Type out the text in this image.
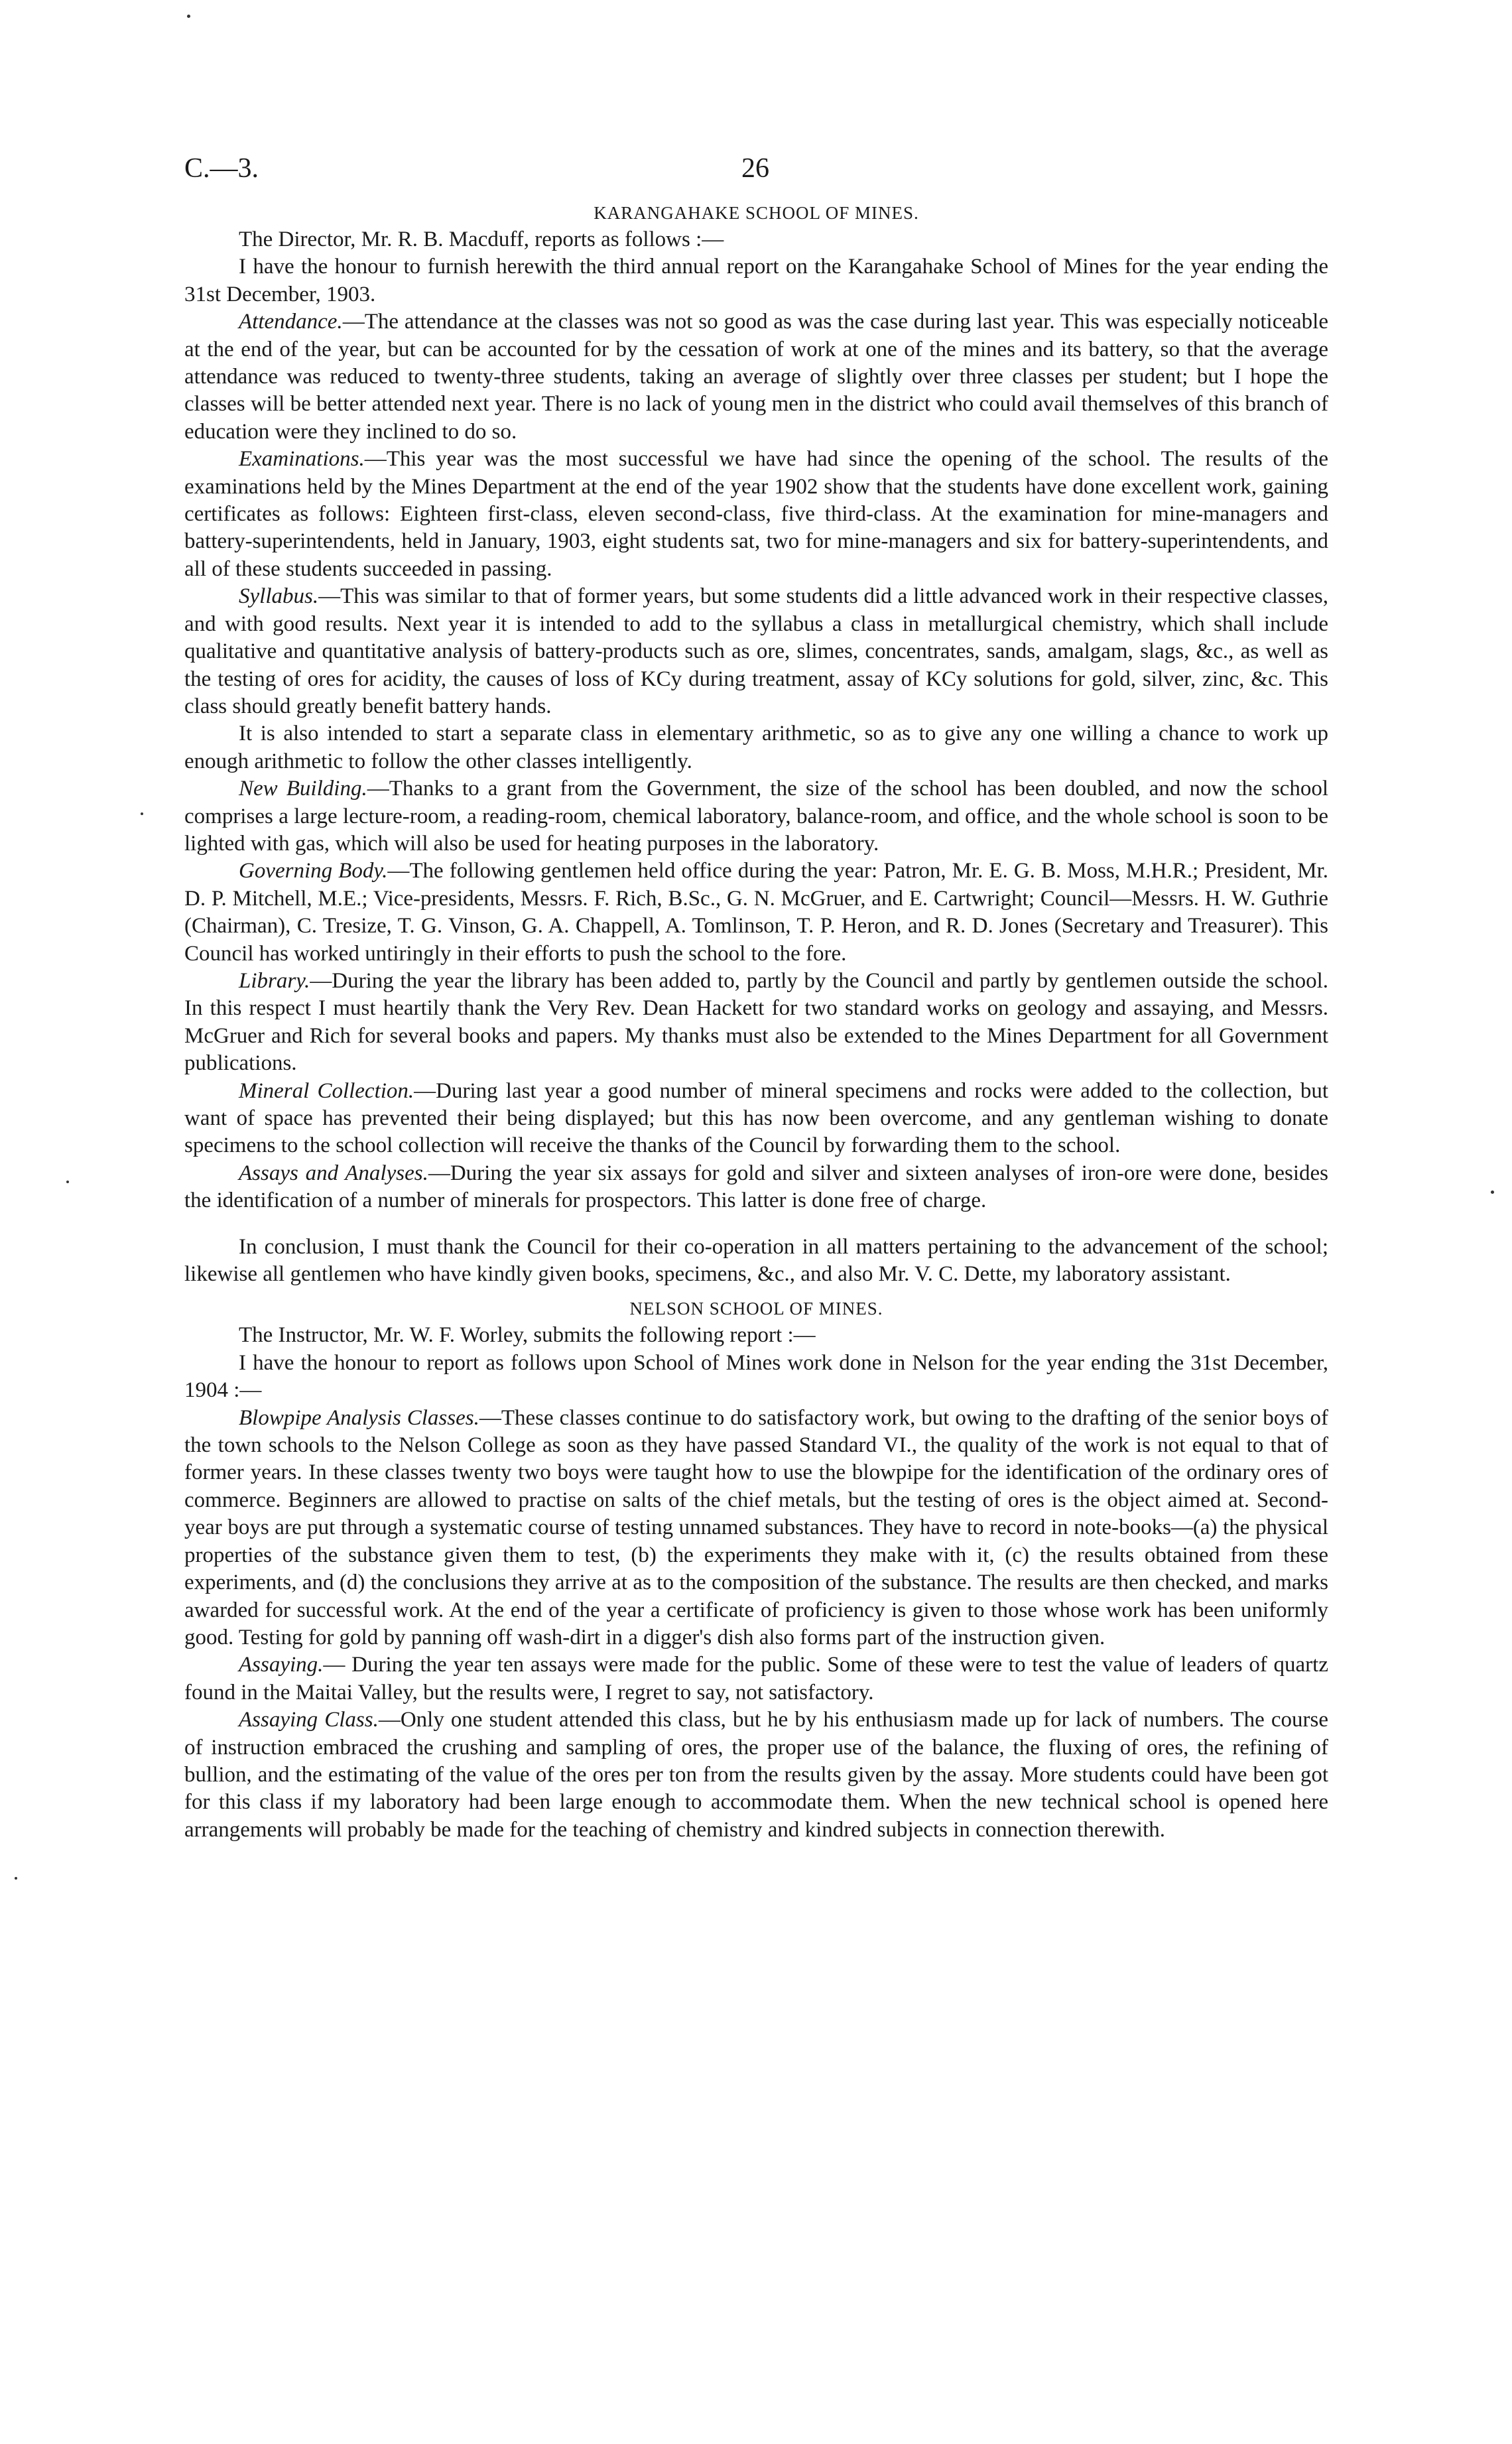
C.—3.	26
KARANGAHAKE SCHOOL OF MINES.

The Director, Mr. R. B. Macduff, reports as follows :—

I have the honour to furnish herewith the third annual report on the Karangahake School of Mines for the year ending the 31st December, 1903.

Attendance.—The attendance at the classes was not so good as was the case during last year. This was especially noticeable at the end of the year, but can be accounted for by the cessation of work at one of the mines and its battery, so that the average attendance was reduced to twenty-three students, taking an average of slightly over three classes per student; but I hope the classes will be better attended next year. There is no lack of young men in the district who could avail themselves of this branch of education were they inclined to do so.

Examinations.—This year was the most successful we have had since the opening of the school. The results of the examinations held by the Mines Department at the end of the year 1902 show that the students have done excellent work, gaining certificates as follows: Eighteen first-class, eleven second-class, five third-class. At the examination for mine-managers and battery-superintendents, held in January, 1903, eight students sat, two for mine-managers and six for battery-superintendents, and all of these students succeeded in passing.

Syllabus.—This was similar to that of former years, but some students did a little advanced work in their respective classes, and with good results. Next year it is intended to add to the syllabus a class in metallurgical chemistry, which shall include qualitative and quantitative analysis of battery-products such as ore, slimes, concentrates, sands, amalgam, slags, &c., as well as the testing of ores for acidity, the causes of loss of KCy during treatment, assay of KCy solutions for gold, silver, zinc, &c. This class should greatly benefit battery hands.

It is also intended to start a separate class in elementary arithmetic, so as to give any one willing a chance to work up enough arithmetic to follow the other classes intelligently.

New Building.—Thanks to a grant from the Government, the size of the school has been doubled, and now the school comprises a large lecture-room, a reading-room, chemical laboratory, balance-room, and office, and the whole school is soon to be lighted with gas, which will also be used for heating purposes in the laboratory.

Governing Body.—The following gentlemen held office during the year: Patron, Mr. E. G. B. Moss, M.H.R.; President, Mr. D. P. Mitchell, M.E.; Vice-presidents, Messrs. F. Rich, B.Sc., G. N. McGruer, and E. Cartwright; Council—Messrs. H. W. Guthrie (Chairman), C. Tresize, T. G. Vinson, G. A. Chappell, A. Tomlinson, T. P. Heron, and R. D. Jones (Secretary and Treasurer). This Council has worked untiringly in their efforts to push the school to the fore.

Library.—During the year the library has been added to, partly by the Council and partly by gentlemen outside the school. In this respect I must heartily thank the Very Rev. Dean Hackett for two standard works on geology and assaying, and Messrs. McGruer and Rich for several books and papers. My thanks must also be extended to the Mines Department for all Government publications.

Mineral Collection.—During last year a good number of mineral specimens and rocks were added to the collection, but want of space has prevented their being displayed; but this has now been overcome, and any gentleman wishing to donate specimens to the school collection will receive the thanks of the Council by forwarding them to the school.

Assays and Analyses.—During the year six assays for gold and silver and sixteen analyses of iron-ore were done, besides the identification of a number of minerals for prospectors. This latter is done free of charge.

In conclusion, I must thank the Council for their co-operation in all matters pertaining to the advancement of the school; likewise all gentlemen who have kindly given books, specimens, &c., and also Mr. V. C. Dette, my laboratory assistant.

NELSON SCHOOL OF MINES.

The Instructor, Mr. W. F. Worley, submits the following report :—

I have the honour to report as follows upon School of Mines work done in Nelson for the year ending the 31st December, 1904 :—

Blowpipe Analysis Classes.—These classes continue to do satisfactory work, but owing to the drafting of the senior boys of the town schools to the Nelson College as soon as they have passed Standard VI., the quality of the work is not equal to that of former years. In these classes twenty two boys were taught how to use the blowpipe for the identification of the ordinary ores of commerce. Beginners are allowed to practise on salts of the chief metals, but the testing of ores is the object aimed at. Second-year boys are put through a systematic course of testing unnamed substances. They have to record in note-books—(a) the physical properties of the substance given them to test, (b) the experiments they make with it, (c) the results obtained from these experiments, and (d) the conclusions they arrive at as to the composition of the substance. The results are then checked, and marks awarded for successful work. At the end of the year a certificate of proficiency is given to those whose work has been uniformly good. Testing for gold by panning off wash-dirt in a digger's dish also forms part of the instruction given.

Assaying.— During the year ten assays were made for the public. Some of these were to test the value of leaders of quartz found in the Maitai Valley, but the results were, I regret to say, not satisfactory.

Assaying Class.—Only one student attended this class, but he by his enthusiasm made up for lack of numbers. The course of instruction embraced the crushing and sampling of ores, the proper use of the balance, the fluxing of ores, the refining of bullion, and the estimating of the value of the ores per ton from the results given by the assay. More students could have been got for this class if my laboratory had been large enough to accommodate them. When the new technical school is opened here arrangements will probably be made for the teaching of chemistry and kindred subjects in connection therewith.
